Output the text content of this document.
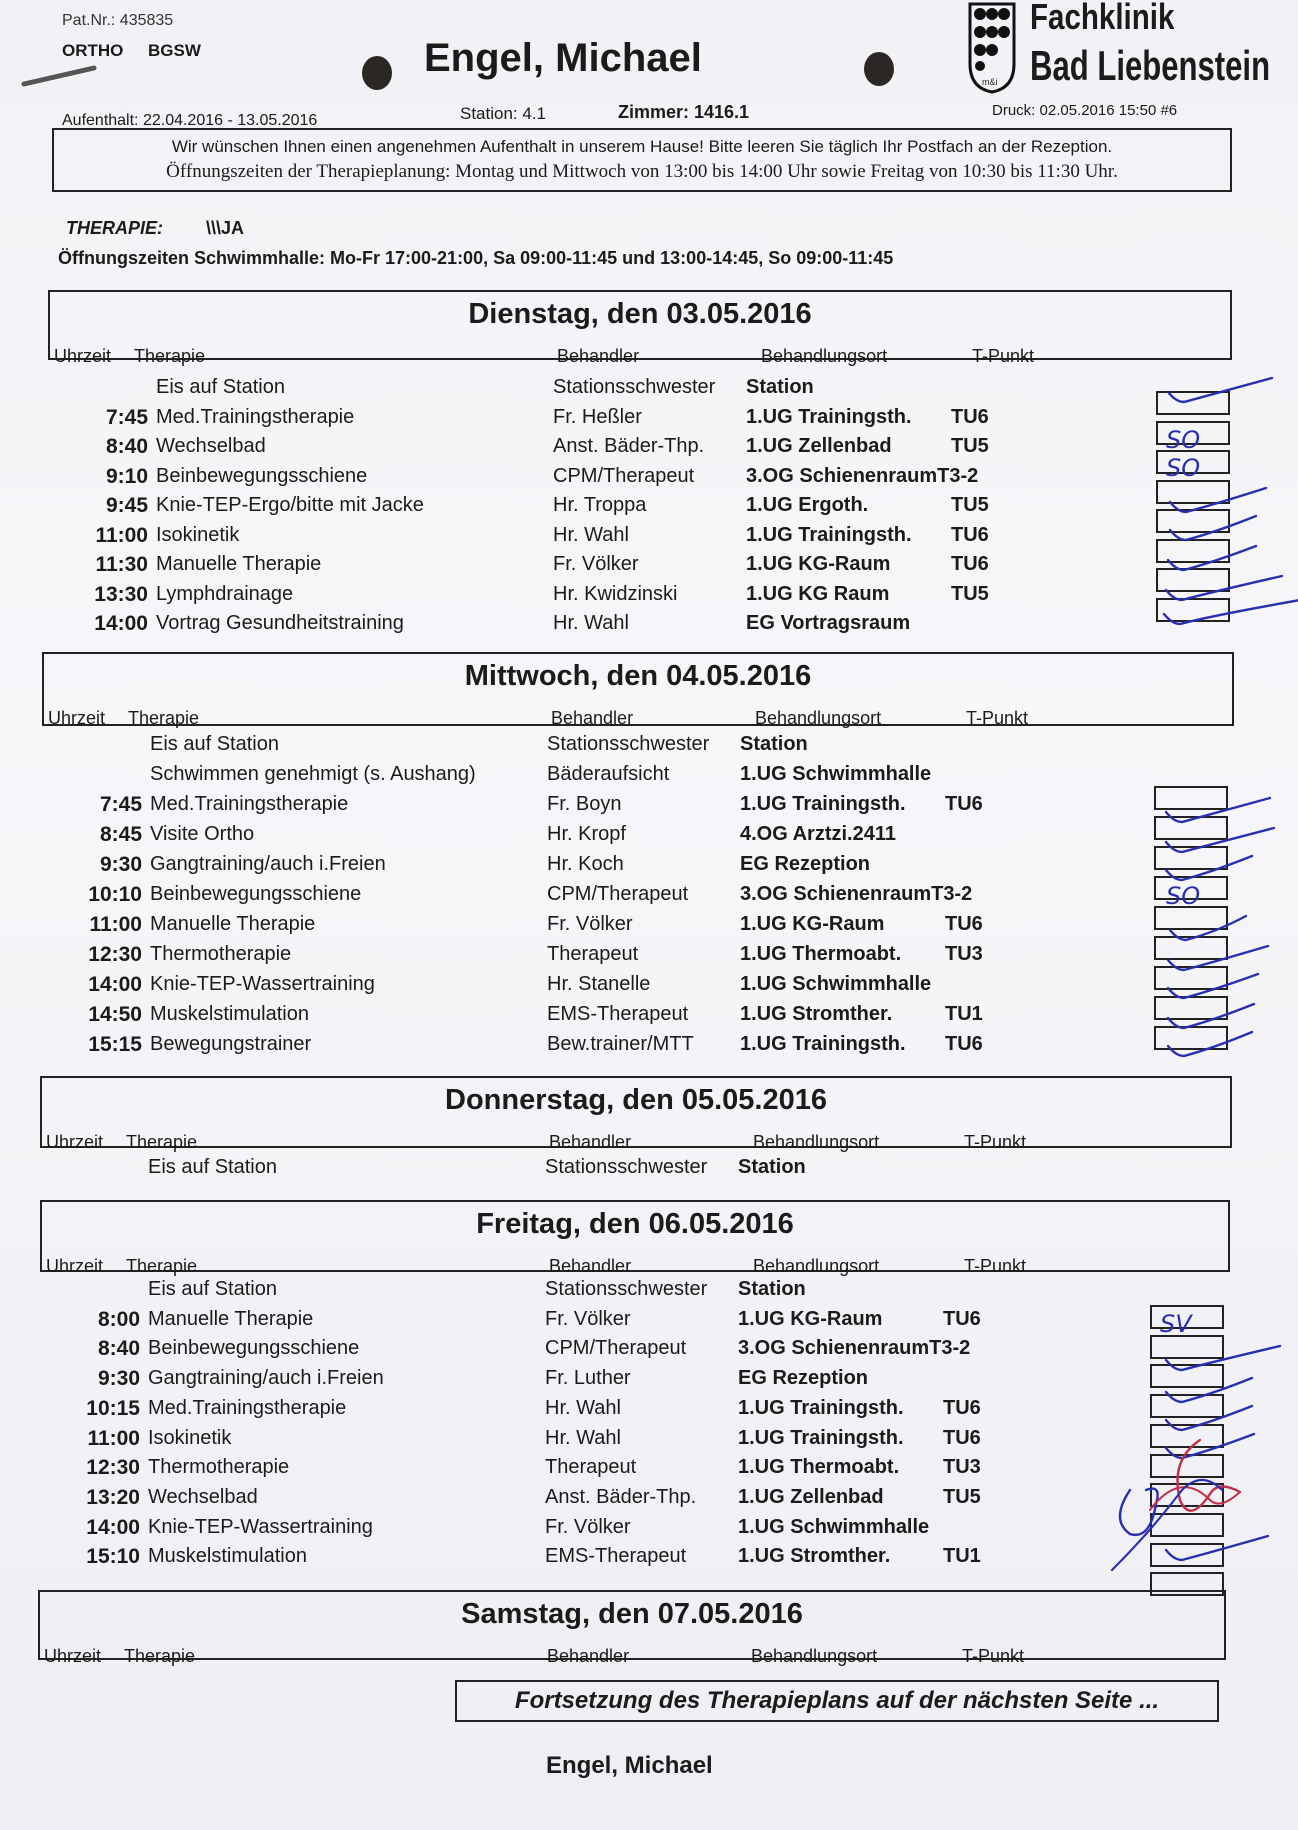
Pat.Nr.: 435835
ORTHO BGSW	Engel, Michael
Aufenthalt: 22.04.2016 - 13.05.2016	Station: 4.1	Zimmer: 1416.1
m&i
Fachklinik
Bad Liebenstein
Druck: 02.05.2016 15:50 #6
Wir wünschen Ihnen einen angenehmen Aufenthalt in unserem Hause! Bitte leeren Sie täglich Ihr Postfach an der Rezeption.
Öffnungszeiten der Therapieplanung: Montag und Mittwoch von 13:00 bis 14:00 Uhr sowie Freitag von 10:30 bis 11:30 Uhr.
THERAPIE: \\\JA
Öffnungszeiten Schwimmhalle: Mo-Fr 17:00-21:00, Sa 09:00-11:45 und 13:00-14:45, So 09:00-11:45
Dienstag, den 03.05.2016
Uhrzeit Therapie	Behandler	Behandlungsort	T-Punkt
Eis auf Station	Stationsschwester Station
7:45 Med.Trainingstherapie	Fr. Heßler	1.UG Trainingsth. TU6
8:40 Wechselbad	Anst. Bäder-Thp. 1.UG Zellenbad	TU5
9:10 Beinbewegungsschiene	CPM/Therapeut	3.OG SchienenraumT3-2
9:45 Knie-TEP-Ergo/bitte mit Jacke	Hr. Troppa	1.UG Ergoth.	TU5
11:00 Isokinetik	Hr. Wahl	1.UG Trainingsth. TU6
11:30 Manuelle Therapie	Fr. Völker	1.UG KG-Raum	TU6
13:30 Lymphdrainage	Hr. Kwidzinski	1.UG KG Raum	TU5
14:00 Vortrag Gesundheitstraining	Hr. Wahl	EG Vortragsraum
Mittwoch, den 04.05.2016
Uhrzeit Therapie	Behandler	Behandlungsort	T-Punkt
Eis auf Station	Stationsschwester Station
Schwimmen genehmigt (s. Aushang)	Bäderaufsicht	1.UG Schwimmhalle
7:45 Med.Trainingstherapie	Fr. Boyn	1.UG Trainingsth. TU6
8:45 Visite Ortho	Hr. Kropf	4.OG Arztzi.2411
9:30 Gangtraining/auch i.Freien	Hr. Koch	EG Rezeption
10:10 Beinbewegungsschiene	CPM/Therapeut	3.OG SchienenraumT3-2
11:00 Manuelle Therapie	Fr. Völker	1.UG KG-Raum	TU6
12:30 Thermotherapie	Therapeut	1.UG Thermoabt. TU3
14:00 Knie-TEP-Wassertraining	Hr. Stanelle	1.UG Schwimmhalle
14:50 Muskelstimulation	EMS-Therapeut	1.UG Stromther.	TU1
15:15 Bewegungstrainer	Bew.trainer/MTT 1.UG Trainingsth. TU6
Donnerstag, den 05.05.2016
Uhrzeit Therapie	Behandler	Behandlungsort	T-Punkt
Eis auf Station	Stationsschwester Station
Freitag, den 06.05.2016
Uhrzeit Therapie	Behandler	Behandlungsort	T-Punkt
Eis auf Station	Stationsschwester Station
8:00 Manuelle Therapie	Fr. Völker	1.UG KG-Raum	TU6
8:40 Beinbewegungsschiene	CPM/Therapeut	3.OG SchienenraumT3-2
9:30 Gangtraining/auch i.Freien	Fr. Luther	EG Rezeption
10:15 Med.Trainingstherapie	Hr. Wahl	1.UG Trainingsth. TU6
11:00 Isokinetik	Hr. Wahl	1.UG Trainingsth. TU6
12:30 Thermotherapie	Therapeut	1.UG Thermoabt. TU3
13:20 Wechselbad	Anst. Bäder-Thp. 1.UG Zellenbad	TU5
14:00 Knie-TEP-Wassertraining	Fr. Völker	1.UG Schwimmhalle
15:10 Muskelstimulation	EMS-Therapeut	1.UG Stromther.	TU1
Samstag, den 07.05.2016
Uhrzeit Therapie	Behandler	Behandlungsort	T-Punkt
Fortsetzung des Therapieplans auf der nächsten Seite ...
Engel, Michael
SO
SO
SO
SV
